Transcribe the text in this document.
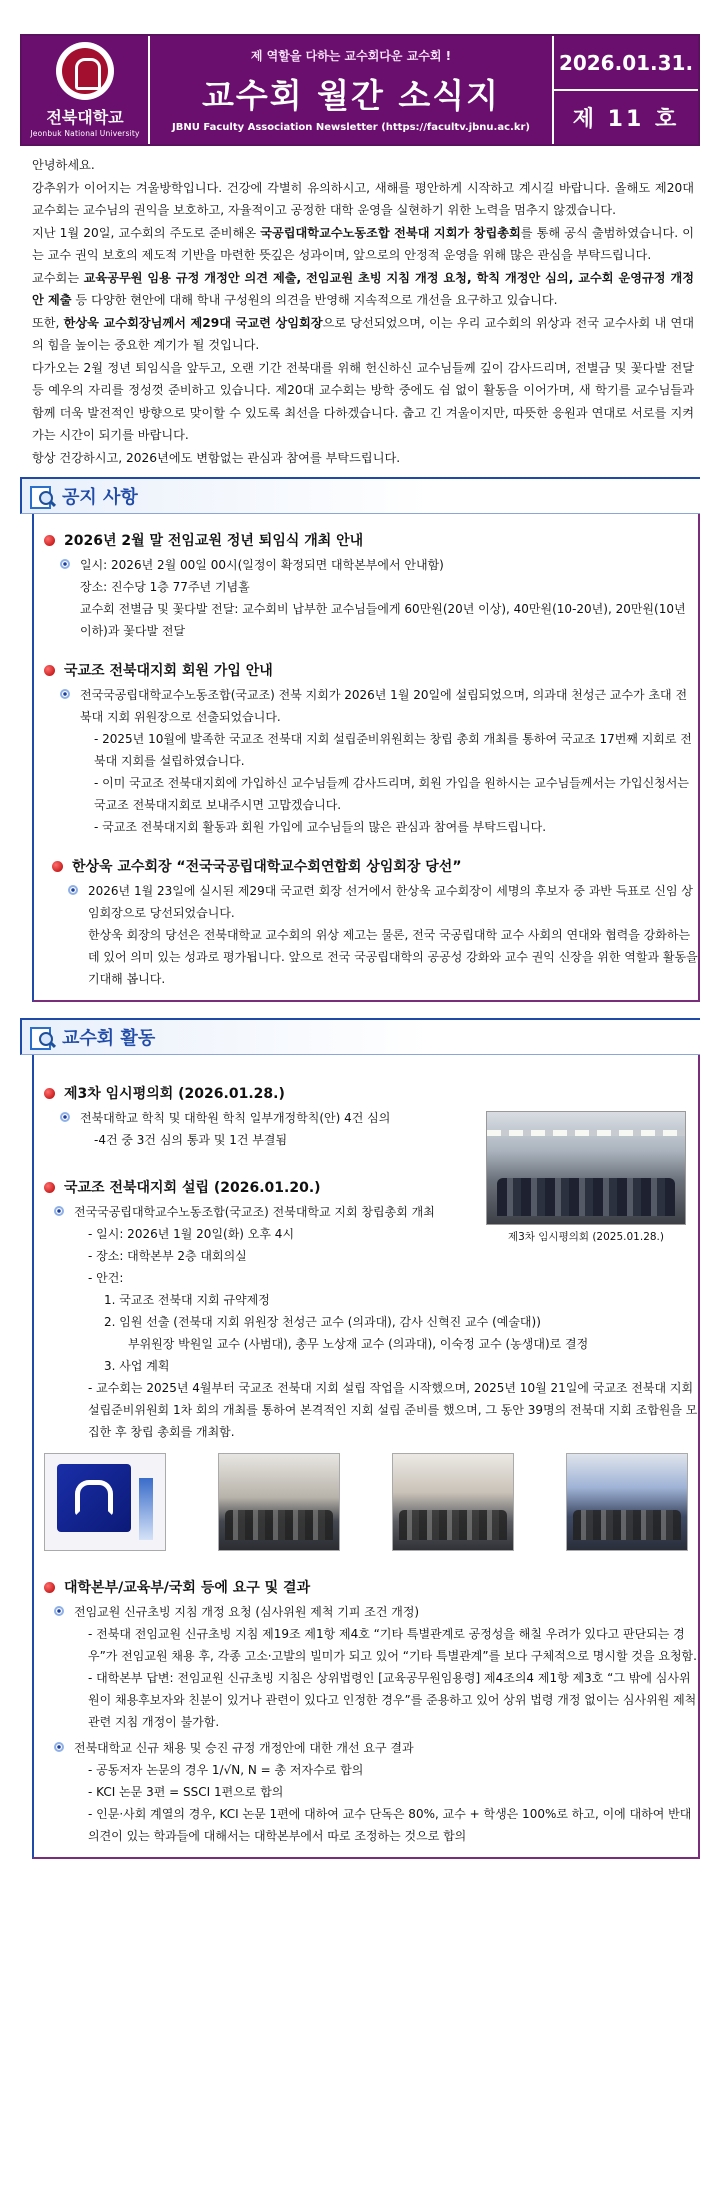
전북대학교
Jeonbuk National University
제 역할을 다하는 교수회다운 교수회 !
교수회 월간 소식지
JBNU Faculty Association Newsletter (https://facultv.jbnu.ac.kr)
2026.01.31.
제 11 호

안녕하세요.

강추위가 이어지는 겨울방학입니다. 건강에 각별히 유의하시고, 새해를 평안하게 시작하고 계시길 바랍니다. 올해도 제20대 교수회는 교수님의 권익을 보호하고, 자율적이고 공정한 대학 운영을 실현하기 위한 노력을 멈추지 않겠습니다.

지난 1월 20일, 교수회의 주도로 준비해온 국공립대학교수노동조합 전북대 지회가 창립총회를 통해 공식 출범하였습니다. 이는 교수 권익 보호의 제도적 기반을 마련한 뜻깊은 성과이며, 앞으로의 안정적 운영을 위해 많은 관심을 부탁드립니다.

교수회는 교육공무원 임용 규정 개정안 의견 제출, 전임교원 초빙 지침 개정 요청, 학칙 개정안 심의, 교수회 운영규정 개정안 제출 등 다양한 현안에 대해 학내 구성원의 의견을 반영해 지속적으로 개선을 요구하고 있습니다.

또한, 한상욱 교수회장님께서 제29대 국교련 상임회장으로 당선되었으며, 이는 우리 교수회의 위상과 전국 교수사회 내 연대의 힘을 높이는 중요한 계기가 될 것입니다.

다가오는 2월 정년 퇴임식을 앞두고, 오랜 기간 전북대를 위해 헌신하신 교수님들께 깊이 감사드리며, 전별금 및 꽃다발 전달 등 예우의 자리를 정성껏 준비하고 있습니다. 제20대 교수회는 방학 중에도 쉼 없이 활동을 이어가며, 새 학기를 교수님들과 함께 더욱 발전적인 방향으로 맞이할 수 있도록 최선을 다하겠습니다. 춥고 긴 겨울이지만, 따뜻한 응원과 연대로 서로를 지켜가는 시간이 되기를 바랍니다.

항상 건강하시고, 2026년에도 변함없는 관심과 참여를 부탁드립니다.

공지 사항
2026년 2월 말 전임교원 정년 퇴임식 개최 안내

일시: 2026년 2월 00일 00시(일정이 확정되면 대학본부에서 안내함)

장소: 진수당 1층 77주년 기념홀

교수회 전별금 및 꽃다발 전달: 교수회비 납부한 교수님들에게 60만원(20년 이상), 40만원(10-20년), 20만원(10년 이하)과 꽃다발 전달

국교조 전북대지회 회원 가입 안내

전국국공립대학교수노동조합(국교조) 전북 지회가 2026년 1월 20일에 설립되었으며, 의과대 천성근 교수가 초대 전북대 지회 위원장으로 선출되었습니다.

- 2025년 10월에 발족한 국교조 전북대 지회 설립준비위원회는 창립 총회 개최를 통하여 국교조 17번째 지회로 전북대 지회를 설립하였습니다.

- 이미 국교조 전북대지회에 가입하신 교수님들께 감사드리며, 회원 가입을 원하시는 교수님들께서는 가입신청서는 국교조 전북대지회로 보내주시면 고맙겠습니다.

- 국교조 전북대지회 활동과 회원 가입에 교수님들의 많은 관심과 참여를 부탁드립니다.

한상욱 교수회장 “전국국공립대학교수회연합회 상임회장 당선”

2026년 1월 23일에 실시된 제29대 국교련 회장 선거에서 한상욱 교수회장이 세명의 후보자 중 과반 득표로 신임 상임회장으로 당선되었습니다.

한상욱 회장의 당선은 전북대학교 교수회의 위상 제고는 물론, 전국 국공립대학 교수 사회의 연대와 협력을 강화하는 데 있어 의미 있는 성과로 평가됩니다. 앞으로 전국 국공립대학의 공공성 강화와 교수 권익 신장을 위한 역할과 활동을 기대해 봅니다.

교수회 활동
제3차 임시평의회 (2025.01.28.)
제3차 임시평의회 (2026.01.28.)

전북대학교 학칙 및 대학원 학칙 일부개정학칙(안) 4건 심의

-4건 중 3건 심의 통과 및 1건 부결됨

국교조 전북대지회 설립 (2026.01.20.)

전국국공립대학교수노동조합(국교조) 전북대학교 지회 창립총회 개최

- 일시: 2026년 1월 20일(화) 오후 4시

- 장소: 대학본부 2층 대회의실

- 안건:

1. 국교조 전북대 지회 규약제정

2. 임원 선출 (전북대 지회 위원장 천성근 교수 (의과대), 감사 신혁진 교수 (예술대))

부위원장 박원일 교수 (사범대), 총무 노상재 교수 (의과대), 이숙정 교수 (농생대)로 결정

3. 사업 계획

- 교수회는 2025년 4월부터 국교조 전북대 지회 설립 작업을 시작했으며, 2025년 10월 21일에 국교조 전북대 지회 설립준비위원회 1차 회의 개최를 통하여 본격적인 지회 설립 준비를 했으며, 그 동안 39명의 전북대 지회 조합원을 모집한 후 창립 총회를 개최함.

대학본부/교육부/국회 등에 요구 및 결과

전임교원 신규초빙 지침 개정 요청 (심사위원 제척 기피 조건 개정)

- 전북대 전임교원 신규초빙 지침 제19조 제1항 제4호 “기타 특별관계로 공정성을 해칠 우려가 있다고 판단되는 경우”가 전임교원 채용 후, 각종 고소·고발의 빌미가 되고 있어 “기타 특별관계”를 보다 구체적으로 명시할 것을 요청함.

- 대학본부 답변: 전임교원 신규초빙 지침은 상위법령인 [교육공무원임용령] 제4조의4 제1항 제3호 “그 밖에 심사위원이 채용후보자와 친분이 있거나 관련이 있다고 인정한 경우”를 준용하고 있어 상위 법령 개정 없이는 심사위원 제척 관련 지침 개정이 불가함.

전북대학교 신규 채용 및 승진 규정 개정안에 대한 개선 요구 결과

- 공동저자 논문의 경우 1/√N, N = 총 저자수로 합의

- KCI 논문 3편 = SSCI 1편으로 합의

- 인문·사회 계열의 경우, KCI 논문 1편에 대하여 교수 단독은 80%, 교수 + 학생은 100%로 하고, 이에 대하여 반대 의견이 있는 학과들에 대해서는 대학본부에서 따로 조정하는 것으로 합의
